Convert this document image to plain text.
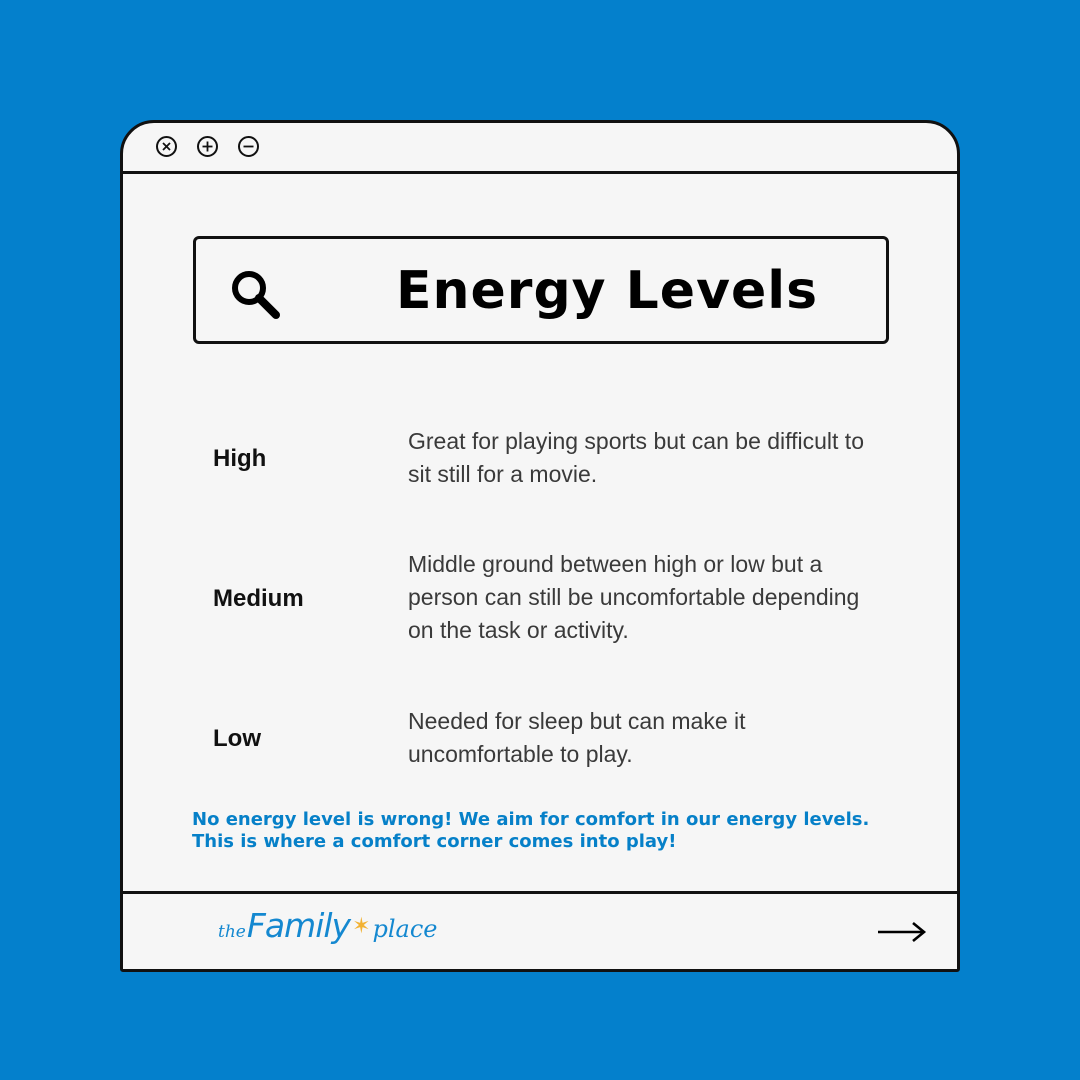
Energy Levels
High
Great for playing sports but can be difficult to sit still for a movie.
Medium
Middle ground between high or low but a person can still be uncomfortable depending on the task or activity.
Low
Needed for sleep but can make it uncomfortable to play.
No energy level is wrong! We aim for comfort in our energy levels.
This is where a comfort corner comes into play!
the Family ✶ place
